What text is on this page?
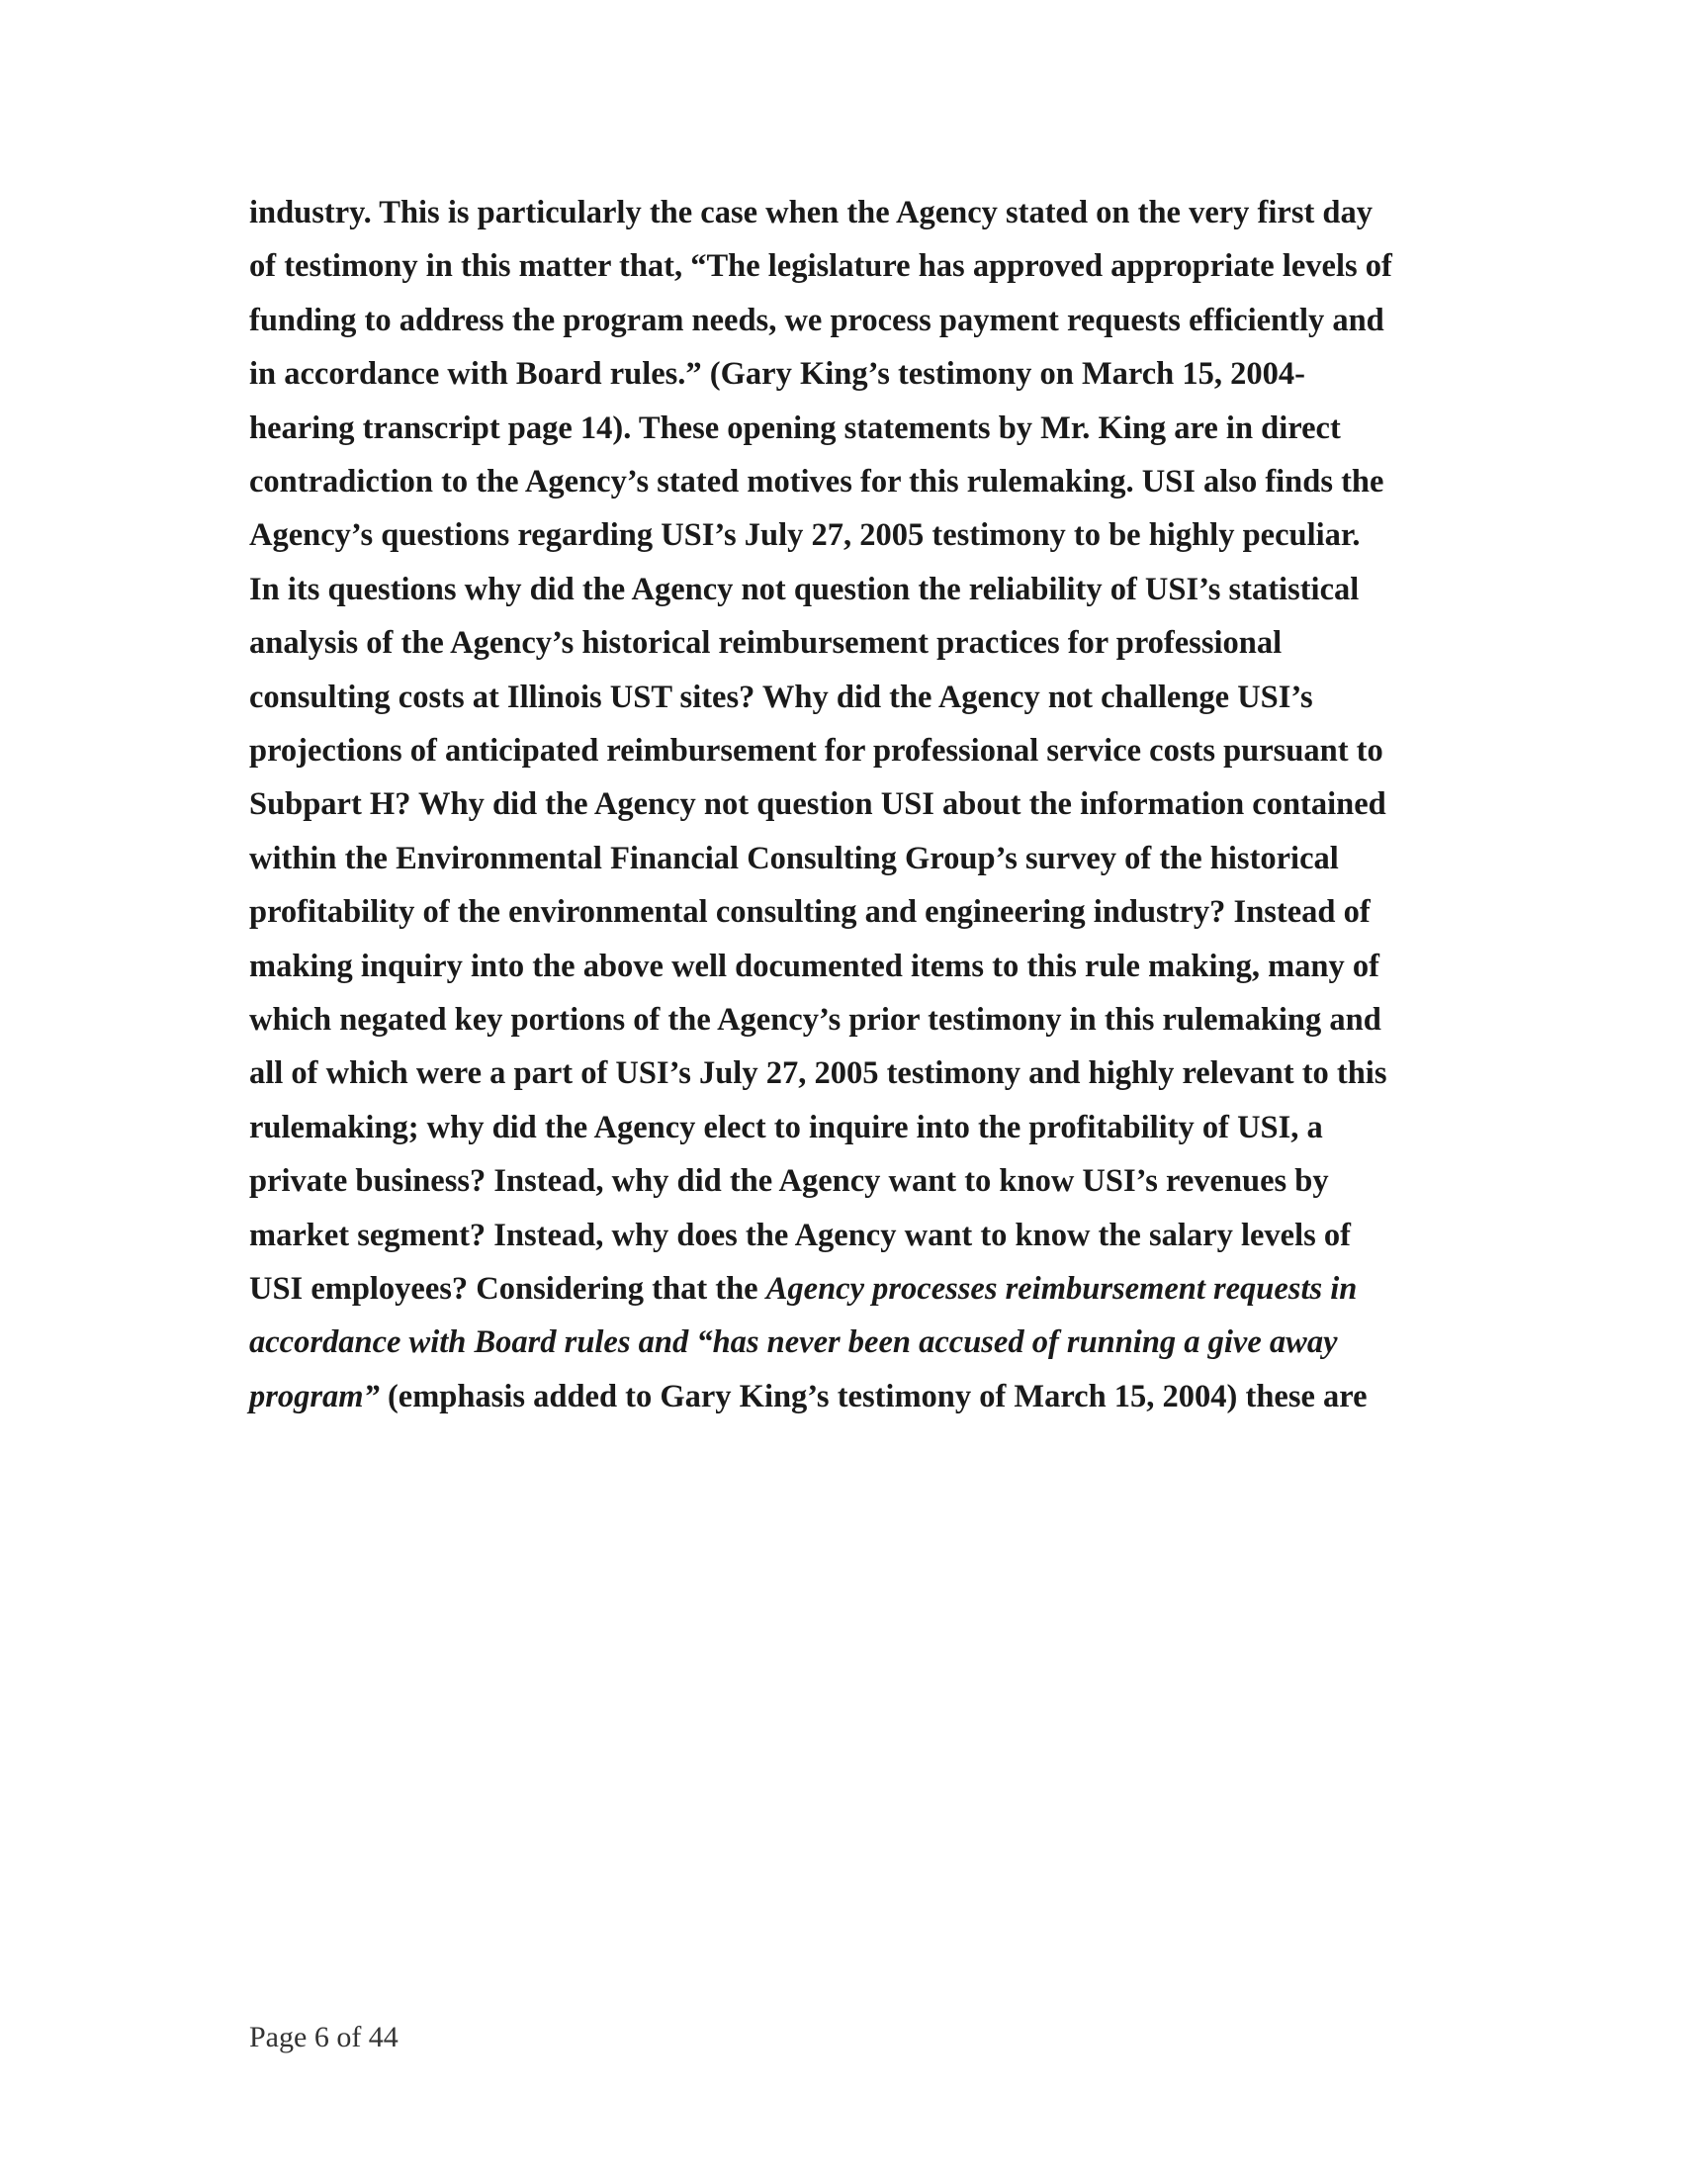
industry. This is particularly the case when the Agency stated on the very first day
of testimony in this matter that, “The legislature has approved appropriate levels of
funding to address the program needs, we process payment requests efficiently and
in accordance with Board rules.” (Gary King’s testimony on March 15, 2004-
hearing transcript page 14). These opening statements by Mr. King are in direct
contradiction to the Agency’s stated motives for this rulemaking. USI also finds the
Agency’s questions regarding USI’s July 27, 2005 testimony to be highly peculiar.
In its questions why did the Agency not question the reliability of USI’s statistical
analysis of the Agency’s historical reimbursement practices for professional
consulting costs at Illinois UST sites? Why did the Agency not challenge USI’s
projections of anticipated reimbursement for professional service costs pursuant to
Subpart H? Why did the Agency not question USI about the information contained
within the Environmental Financial Consulting Group’s survey of the historical
profitability of the environmental consulting and engineering industry? Instead of
making inquiry into the above well documented items to this rule making, many of
which negated key portions of the Agency’s prior testimony in this rulemaking and
all of which were a part of USI’s July 27, 2005 testimony and highly relevant to this
rulemaking; why did the Agency elect to inquire into the profitability of USI, a
private business? Instead, why did the Agency want to know USI’s revenues by
market segment? Instead, why does the Agency want to know the salary levels of
USI employees? Considering that the Agency processes reimbursement requests in
accordance with Board rules and “has never been accused of running a give away
program” (emphasis added to Gary King’s testimony of March 15, 2004) these are
Page 6 of 44
